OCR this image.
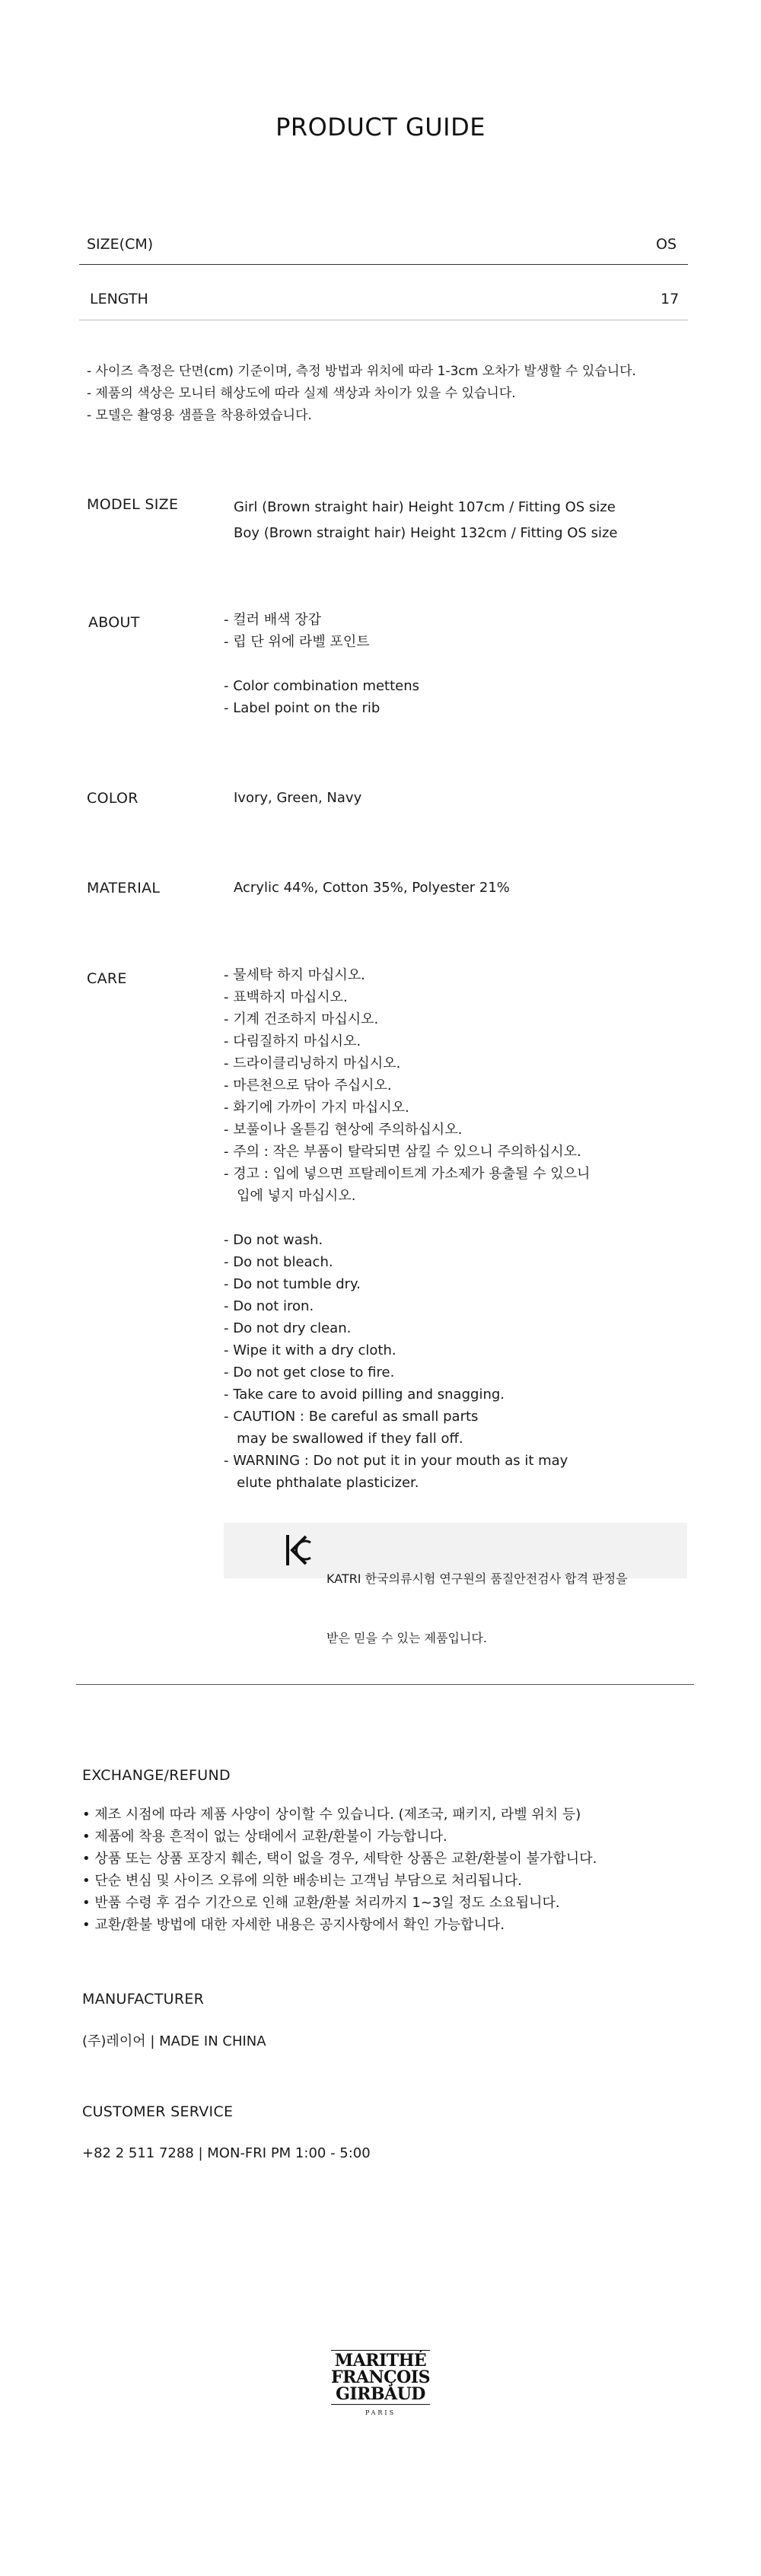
PRODUCT GUIDE
SIZE(CM)	OS
LENGTH	17
- 사이즈 측정은 단면(cm) 기준이며, 측정 방법과 위치에 따라 1-3cm 오차가 발생할 수 있습니다.
- 제품의 색상은 모니터 해상도에 따라 실제 색상과 차이가 있을 수 있습니다.
- 모델은 촬영용 샘플을 착용하였습니다.
MODEL SIZE	Girl (Brown straight hair) Height 107cm / Fitting OS size
Boy (Brown straight hair) Height 132cm / Fitting OS size
ABOUT	- 컬러 배색 장갑
- 립 단 위에 라벨 포인트

- Color combination mettens
- Label point on the rib
COLOR	Ivory, Green, Navy
MATERIAL	Acrylic 44%, Cotton 35%, Polyester 21%
CARE	- 물세탁 하지 마십시오.
- 표백하지 마십시오.
- 기계 건조하지 마십시오.
- 다림질하지 마십시오.
- 드라이클리닝하지 마십시오.
- 마른천으로 닦아 주십시오.
- 화기에 가까이 가지 마십시오.
- 보풀이나 올튿김 현상에 주의하십시오.
- 주의 : 작은 부품이 탈락되면 삼킬 수 있으니 주의하십시오.
- 경고 : 입에 넣으면 프탈레이트계 가소제가 용출될 수 있으니
입에 넣지 마십시오.

- Do not wash.
- Do not bleach.
- Do not tumble dry.
- Do not iron.
- Do not dry clean.
- Wipe it with a dry cloth.
- Do not get close to fire.
- Take care to avoid pilling and snagging.
- CAUTION : Be careful as small parts
may be swallowed if they fall off.
- WARNING : Do not put it in your mouth as it may
elute phthalate plasticizer.

KATRI 한국의류시험 연구원의 품질안전검사 합격 판정을

받은 믿을 수 있는 제품입니다.

EXCHANGE/REFUND
• 제조 시점에 따라 제품 사양이 상이할 수 있습니다. (제조국, 패키지, 라벨 위치 등)
• 제품에 착용 흔적이 없는 상태에서 교환/환불이 가능합니다.
• 상품 또는 상품 포장지 훼손, 택이 없을 경우, 세탁한 상품은 교환/환불이 불가합니다.
• 단순 변심 및 사이즈 오류에 의한 배송비는 고객님 부담으로 처리됩니다.
• 반품 수령 후 검수 기간으로 인해 교환/환불 처리까지 1~3일 정도 소요됩니다.
• 교환/환불 방법에 대한 자세한 내용은 공지사항에서 확인 가능합니다.
MANUFACTURER
(주)레이어 | MADE IN CHINA
CUSTOMER SERVICE
+82 2 511 7288 | MON-FRI PM 1:00 - 5:00
MARITHÉ
FRANÇOIS
GIRBAUD
PARIS
